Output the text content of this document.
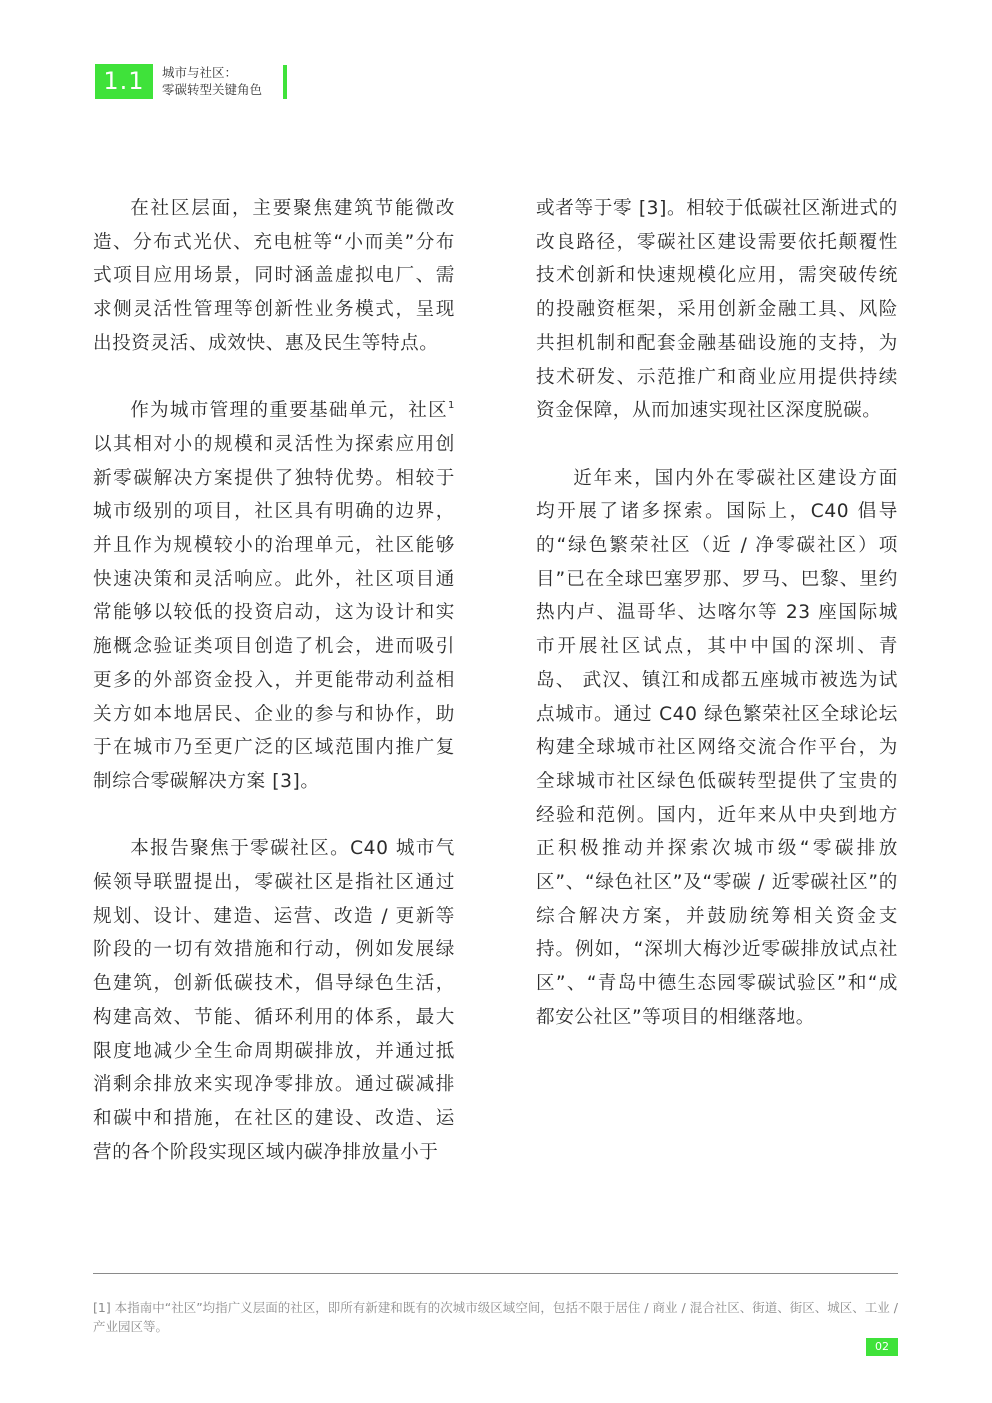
1.1	城市与社区：
零碳转型关键角色

在社区层面，主要聚焦建筑节能微改造、分布式光伏、充电桩等“小而美”分布式项目应用场景，同时涵盖虚拟电厂、需求侧灵活性管理等创新性业务模式，呈现出投资灵活、成效快、惠及民生等特点。

作为城市管理的重要基础单元，社区$^1$以其相对小的规模和灵活性为探索应用创新零碳解决方案提供了独特优势。相较于城市级别的项目，社区具有明确的边界，并且作为规模较小的治理单元，社区能够快速决策和灵活响应。此外，社区项目通常能够以较低的投资启动，这为设计和实施概念验证类项目创造了机会，进而吸引更多的外部资金投入，并更能带动利益相关方如本地居民、企业的参与和协作，助于在城市乃至更广泛的区域范围内推广复制综合零碳解决方案 [3]。

本报告聚焦于零碳社区。C40 城市气候领导联盟提出，零碳社区是指社区通过规划、设计、建造、运营、改造 / 更新等阶段的一切有效措施和行动，例如发展绿色建筑，创新低碳技术，倡导绿色生活，构建高效、节能、循环利用的体系，最大限度地减少全生命周期碳排放，并通过抵消剩余排放来实现净零排放。通过碳减排和碳中和措施，在社区的建设、改造、运营的各个阶段实现区域内碳净排放量小于

或者等于零 [3]。相较于低碳社区渐进式的改良路径，零碳社区建设需要依托颠覆性技术创新和快速规模化应用，需突破传统的投融资框架，采用创新金融工具、风险共担机制和配套金融基础设施的支持，为技术研发、示范推广和商业应用提供持续资金保障，从而加速实现社区深度脱碳。

近年来，国内外在零碳社区建设方面均开展了诸多探索。国际上，C40 倡导的“绿色繁荣社区（近 / 净零碳社区）项目”已在全球巴塞罗那、罗马、巴黎、里约热内卢、温哥华、达喀尔等 23 座国际城市开展社区试点，其中中国的深圳、青岛、 武汉、镇江和成都五座城市被选为试点城市。通过 C40 绿色繁荣社区全球论坛构建全球城市社区网络交流合作平台，为全球城市社区绿色低碳转型提供了宝贵的经验和范例。国内，近年来从中央到地方正积极推动并探索次城市级“零碳排放区”、“绿色社区”及“零碳 / 近零碳社区”的综合解决方案，并鼓励统筹相关资金支持。例如，“深圳大梅沙近零碳排放试点社区”、“青岛中德生态园零碳试验区”和“成都安公社区”等项目的相继落地。

[1] 本指南中“社区”均指广义层面的社区，即所有新建和既有的次城市级区域空间，包括不限于居住 / 商业 / 混合社区、街道、街区、城区、工业 / 产业园区等。
02
